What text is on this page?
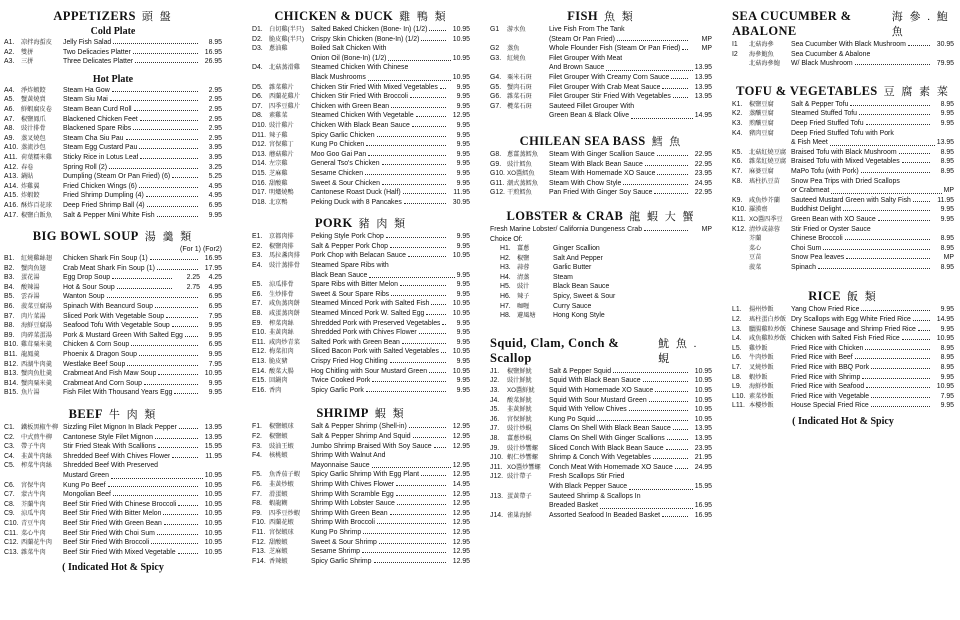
APPETIZERS 頭 盤
Cold Plate
A1.	凉拌海蜇皮	Jelly Fish Salad	8.95
A2.	雙拼	Two Delicacies Platter	16.95
A3.	三拼	Three Delicates Platter	26.95
Hot Plate
A4.	淨炸蝦餃	Steam Ha Gow	2.95
A5.	蟹黃燒賣	Steam Siu Mai	2.95
A6.	鮮蝦腐皮卷	Steam Bean Curd Roll	2.95
A7.	椒鹽鳳爪	Blackened Chicken Feet	2.95
A8.	豉汁排骨	Blackened Spare Ribs	2.95
A9.	蒸叉燒包	Steam Cha Siu Pau	2.95
A10. 蒸流沙包	Steam Egg Custard Pau	3.95
A11. 荷葉糯米雞	Sticky Rice in Lotus Leaf	3.95
A12. 春卷	Spring Roll (2)	3.25
A13. 鍋貼	Dumpling (Steam Or Pan Fried) (6)	5.25
A14. 炸雞翼	Fried Chicken Wings (6)	4.95
A15. 炸蝦餃	Fried Shrimp Dumpling (4)	4.95
A16. 酥炸百花球	Deep Fried Shrimp Ball (4)	6.95
A17. 椒鹽白飯魚	Salt & Pepper Mini White Fish	9.95
BIG BOWL SOUP 湯 羹 類
(For 1) (For2)
B1.	紅燒雞絲翅	Chicken Shark Fin Soup (1)	16.95
B2.	蟹肉魚翅	Crab Meat Shark Fin Soup (1)	17.95
B3.	蛋花湯	Egg Drop Soup	2.25	4.25
B4.	酸辣湯	Hot & Sour Soup	2.75	4.95
B5.	雲吞湯	Wanton Soup	6.95
B6.	菠菜豆腐湯	Spinach With Beancurd Soup	6.95
B7.	肉片菜湯	Sliced Pork With Vegetable Soup	7.95
B8.	海鮮豆腐湯	Seafood Tofu With Vegetable Soup	9.95
B9.	肉碎菜蛋湯	Pork & Mustard Green With Salted Egg	9.95
B10. 雞茸粟米羹	Chicken & Corn Soup	6.95
B11. 龍鳳羹	Phoenix & Dragon Soup	9.95
B12. 西湖牛肉羹	Westlake Beef Soup	7.95
B13. 蟹肉魚肚羹	Crabmeat And Fish Maw Soup	10.95
B14. 蟹肉粟米羹	Crabmeat And Corn Soup	9.95
B15. 魚片湯	Fish Filet With Thousand Years Egg	9.95
BEEF 牛 肉 類
C1.	鐵板黑椒牛柳 Sizzling Filet Mignon In Black Pepper	13.95
C2.	中式煎牛柳	Cantonese Style Filet Mignon	13.95
C3.	帶子牛肉	Stir Fried Steak With Scallions	15.95
C4.	韭黃牛肉絲	Shredded Beef With Chives Flower	11.95
C5.	榨菜牛肉絲	Shredded Beef With Preserved
Mustard Green	10.95
C6.	宮保牛肉	Kung Po Beef	10.95
C7.	蒙古牛肉	Mongolian Beef	10.95
C8.	芥蘭牛肉	Beef Stir Fried With Chinese Broccoli	10.95
C9.	涼瓜牛肉	Beef Stir Fried With Bitter Melon	10.95
C10. 青豆牛肉	Beef Stir Fried With Green Bean	10.95
C11. 菜心牛肉	Beef Stir Fried With Choi Sum	10.95
C12. 西蘭花牛肉	Beef Stir Fried With Broccoli	10.95
C13. 雜菜牛肉	Beef Stir Fried With Mixed Vegetable	10.95
( Indicated Hot & Spicy
CHICKEN & DUCK 雞 鴨 類
D1.	白切雞(半只)	Salted Baked Chicken (Bone- In) (1/2)	10.95
D2.	脆皮雞(半只)	Crispy Skin Chicken (Bone-In) (1/2)	10.95
D3.	蔥油雞	Boiled Salt Chicken With
Onion Oil (Bone-In) (1/2)	10.95
D4.	北菇蒸滑雞	Steamed Chicken With Chinese
Black Mushrooms	10.95
D5.	雜菜雞片	Chicken Stir Fried With Mixed Vegetables	9.95
D6.	西蘭花雞片	Chicken Stir Fried With Broccoli	9.95
D7.	四季豆雞片	Chicken with Green Bean	9.95
D8.	素雞菜	Steamed Chicken With Vegetable	12.95
D10. 豉汁雞片	Chicken With Black Bean Sauce	9.95
D11. 辣子雞	Spicy Garlic Chicken	9.95
D12. 宮保雞丁	Kung Po Chicken	9.95
D13. 蘑菇雞片	Moo Goo Gai Pan	9.95
D14. 左宗雞	General Tso's Chicken	9.95
D15. 芝麻雞	Sesame Chicken	9.95
D16. 甜酸雞	Sweet & Sour Chicken	9.95
D17. 明爐燒鴨	Cantonese Roast Duck (Half)	11.95
D18. 北京鴨	Peking Duck with 8 Pancakes	30.95
PORK 豬 肉 類
E1.	京都肉排	Peking Style Pork Chop	9.95
E2.	椒鹽肉排	Salt & Pepper Pork Chop	9.95
E3.	馬拉盞肉排	Pork Chop with Belacan Sauce	10.95
E4.	豉汁蒸排骨	Steamed Spare Ribs with
Black Bean Sauce	9.95
E5.	涼瓜排骨	Spare Ribs with Bitter Melon	9.95
E6.	生炒排骨	Sweet & Sour Spare Ribs	9.95
E7.	咸魚蒸肉餅	Steamed Minced Pork with Salted Fish	10.95
E8.	咸蛋蒸肉餅	Steamed Minced Pork W. Salted Egg	10.95
E9.	榨菜肉絲	Shredded Pork with Preserved Vegetables	9.95
E10. 韭黃肉絲	Shredded Pork with Chives Flower	9.95
E11. 咸肉炒青菜	Salted Pork with Green Bean	9.95
E12. 梅菜扣肉	Sliced Bacon Pork with Salted Vegetables	10.95
E13. 脆皮豬	Crispy Fried Hog Chitling	9.95
E14. 酸菜大腸	Hog Chitling with Sour Mustard Green	10.95
E15. 回鍋肉	Twice Cooked Pork	9.95
E16. 香肉	Spicy Garlic Pork	9.95
SHRIMP 蝦 類
F1.	椒鹽蝦球	Salt & Pepper Shrimp (Shell-in)	12.95
F2.	椒鹽蝦	Salt & Pepper Shrimp And Squid	12.95
F3.	豉油王蝦	Jumbo Shrimp Braised With Soy Sauce	12.95
F4.	核桃蝦	Shrimp With Walnut And
Mayonnaise Sauce	12.95
F5.	魚香茄子蝦	Spicy Garlic Shrimp With Egg Plant	12.95
F6.	韭黃炒蝦	Shrimp With Chives Flower	14.95
F7.	滑蛋蝦	Shrimp With Scramble Egg	12.95
F8.	蝦龍糊	Shrimp With Lobster Sauce	12.95
F9.	四季豆炒蝦	Shrimp With Green Bean	12.95
F10. 西蘭花蝦	Shrimp With Broccoli	12.95
F11. 宮保蝦球	Kung Po Shrimp	12.95
F12. 甜酸蝦	Sweet & Sour Shrimp	12.95
F13. 芝麻蝦	Sesame Shrimp	12.95
F14. 香辣蝦	Spicy Garlic Shrimp	12.95
FISH 魚 類
G1	游水魚	Live Fish From The Tank
(Steam Or Pan Fried)	MP
G2	蒸魚	Whole Flounder Fish (Steam Or Pan Fried)	MP
G3. 紅燒魚	Filet Grouper With Meat
And Brown Sauce	13.95
G4. 粟米石斑	Filet Grouper With Creamy Corn Sauce	13.95
G5. 蟹肉石斑	Filet Grouper With Crab Meat Sauce	13.95
G6. 雜菜石斑	Filet Grouper Stir Fried With Vegetables	13.95
G7. 欖菜石斑	Sauteed Fillet Grouper With
Green Bean & Black Olive	14.95
CHILEAN SEA BASS 鱈 魚
G8. 蔥薑蒸鱈魚	Steam With Ginger Scallion Sauce	22.95
G9. 豉汁鱈魚	Steam With Black Bean Sauce	22.95
G10. XO醬鱈魚	Steam With Homemade XO Sauce	23.95
G11. 潮式蒸鱈魚	Steam With Chow Style	24.95
G12. 干煎鱈魚	Pan Fried With Ginger Soy Sauce	22.95
LOBSTER & CRAB 龍 蝦 大 蟹
Fresh Marine Lobster/ California Dungeness Crab	MP
Choice Of:
H1.	薑蔥	Ginger Scallion
H2.	椒鹽	Salt And Pepper
H3.	蒜蓉	Garlic Butter
H4.	清蒸	Steam
H5.	豉汁	Black Bean Sauce
H6.	辣子	Spicy, Sweet & Sour
H7.	咖喱	Curry Sauce
H8.	避風塘	Hong Kong Style
Squid, Clam, Conch & Scallop
魷 魚 . 蜆
J1.	椒鹽鮮魷	Salt & Pepper Squid	10.95
J2.	豉汁鮮魷	Squid With Black Bean Sauce	10.95
J3.	XO醬鮮魷	Squid With Homemade XO Sauce	10.95
J4.	酸菜鮮魷	Squid With Sour Mustard Green	10.95
J5.	韭黃鮮魷	Squid With Yellow Chives	10.95
J6.	宮保鮮魷	Kung Po Squid	10.95
J7.	豉汁炒蜆	Clams On Shell With Black Bean Sauce	13.95
J8.	薑蔥炒蜆	Clams On Shell With Ginger Scallions	13.95
J9.	豉汁炒響螺	Sliced Conch With Black Bean Sauce	23.95
J10. 蝦仁炒響螺	Shrimp & Conch With Vegetables	21.95
J11. XO醬炒響螺	Conch Meat With Homemade XO Sauce	24.95
J12. 豉汁帶子	Fresh Scallops Stir Fried
With Black Pepper Sauce	15.95
J13. 蛋黃帶子	Sauteed Shrimp & Scallops In
Breaded Basket	16.95
J14. 雀巢海鮮	Assorted Seafood In Beaded Basket	16.95
SEA CUCUMBER & ABALONE
海 參 . 鮑 魚
I1	北菇海參	Sea Cucumber With Black Mushroom	30.95
I2	海參鮑魚	Sea Cucumber & Abalone
北菇海參鮑	W/ Black Mushroom	79.95
TOFU & VEGETABLES 豆 腐 素 菜
K1.	椒鹽豆腐	Salt & Pepper Tofu	8.95
K2.	蒸釀豆腐	Steamed Stuffed Tofu	9.95
K3.	煎釀豆腐	Deep Fried Stuffed Tofu	9.95
K4.	豬肉豆腐	Deep Fried Stuffed Tofu with Pork
& Fish Meet	13.95
K5.	北菇紅燒豆腐 Braised Tofu with Black Mushroom	8.95
K6.	雜菜紅燒豆腐 Braised Tofu with Mixed Vegetables	8.95
K7.	麻婆豆腐	MaPo Tofu (with Pork)	8.95
K8.	瑤柱扒豆苗	Snow Pea Trips with Dried Scallops
or Crabmeat	MP
K9.	咸魚炒芥蘭	Sauteed Mustard Green with Salty Fish	11.95
K10. 羅漢齋	Buddhist Delight	9.95
K11. XO醬四季豆	Green Bean with XO Sauce	9.95
K12. 清炒或蒜蓉	Stir Fried or Oyster Sauce
芥蘭	Chinese Broccoli	8.95
菜心	Choi Sum	8.95
豆苗	Snow Pea leaves	MP
菠菜	Spinach	8.95
RICE 飯 類
L1.	揚州炒飯	Yang Chow Fried Rice	9.95
L2.	瑤柱蛋白炒飯 Dry Scallops with Egg White Fried Rice	14.95
L3.	臘腸雞粒炒飯 Chinese Sausage and Shrimp Fried Rice	9.95
L4.	咸魚雞粒炒飯 Chicken with Salted Fish Fried Rice	10.95
L5.	雞炒飯	Fried Rice with Chicken	8.95
L6.	牛肉炒飯	Fried Rice with Beef	8.95
L7.	叉燒炒飯	Fried Rice with BBQ Pork	8.95
L8.	蝦炒飯	Fried Rice with Shrimp	9.95
L9.	海鮮炒飯	Fried Rice with Seafood	10.95
L10. 素菜炒飯	Fried Rice with Vegetable	7.95
L11. 本樓炒飯	House Special Fried Rice	9.95
( Indicated Hot & Spicy
